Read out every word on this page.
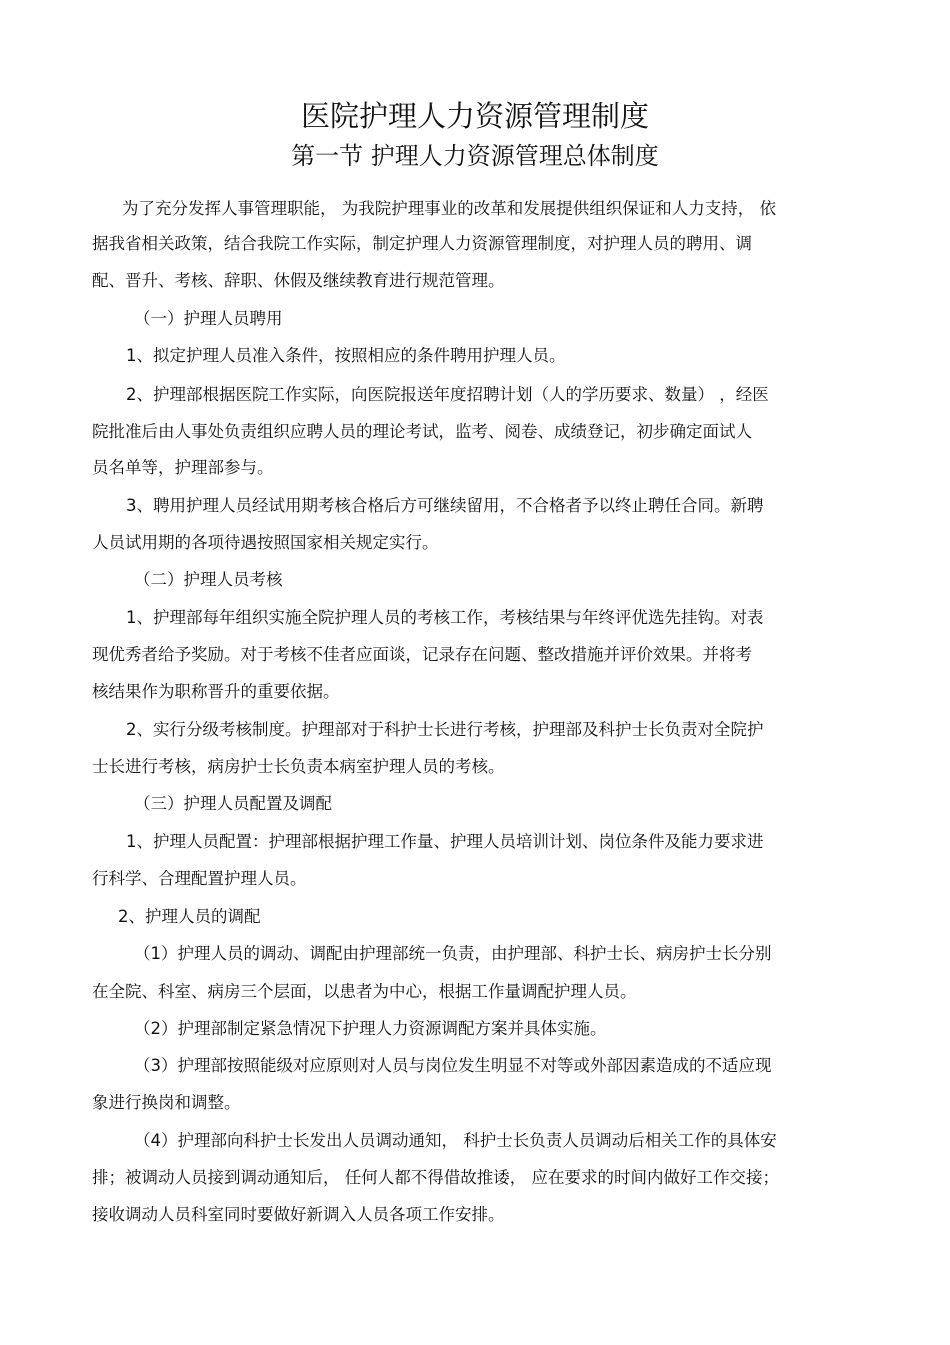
医院护理人力资源管理制度
第一节 护理人力资源管理总体制度

为了充分发挥人事管理职能， 为我院护理事业的改革和发展提供组织保证和人力支持， 依

据我省相关政策，结合我院工作实际，制定护理人力资源管理制度，对护理人员的聘用、调

配、晋升、考核、辞职、休假及继续教育进行规范管理。

（一）护理人员聘用

1、拟定护理人员准入条件，按照相应的条件聘用护理人员。

2、护理部根据医院工作实际，向医院报送年度招聘计划（人的学历要求、数量） ，经医

院批准后由人事处负责组织应聘人员的理论考试，监考、阅卷、成绩登记，初步确定面试人

员名单等，护理部参与。

3、聘用护理人员经试用期考核合格后方可继续留用，不合格者予以终止聘任合同。新聘

人员试用期的各项待遇按照国家相关规定实行。

（二）护理人员考核

1、护理部每年组织实施全院护理人员的考核工作，考核结果与年终评优选先挂钩。对表

现优秀者给予奖励。对于考核不佳者应面谈，记录存在问题、整改措施并评价效果。并将考

核结果作为职称晋升的重要依据。

2、实行分级考核制度。护理部对于科护士长进行考核，护理部及科护士长负责对全院护

士长进行考核，病房护士长负责本病室护理人员的考核。

（三）护理人员配置及调配

1、护理人员配置：护理部根据护理工作量、护理人员培训计划、岗位条件及能力要求进

行科学、合理配置护理人员。

2、护理人员的调配

（1）护理人员的调动、调配由护理部统一负责，由护理部、科护士长、病房护士长分别

在全院、科室、病房三个层面，以患者为中心，根据工作量调配护理人员。

（2）护理部制定紧急情况下护理人力资源调配方案并具体实施。

（3）护理部按照能级对应原则对人员与岗位发生明显不对等或外部因素造成的不适应现

象进行换岗和调整。

（4）护理部向科护士长发出人员调动通知， 科护士长负责人员调动后相关工作的具体安

排；被调动人员接到调动通知后， 任何人都不得借故推诿， 应在要求的时间内做好工作交接；

接收调动人员科室同时要做好新调入人员各项工作安排。
